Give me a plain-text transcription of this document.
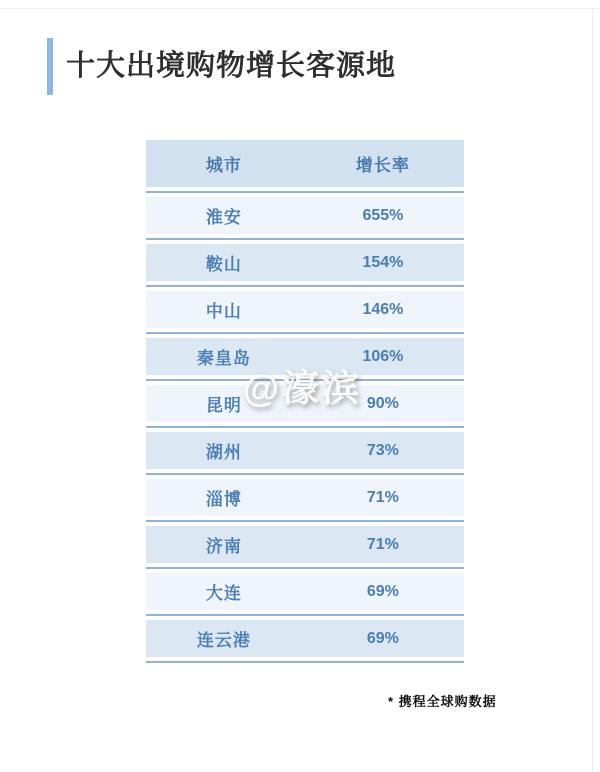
十大出境购物增长客源地
城市	增长率
淮安	655%
鞍山	154%
中山	146%
秦皇岛	106%
昆明	90%
湖州	73%
淄博	71%
济南	71%
大连	69%
连云港	69%
@濠滨
* 携程全球购数据
